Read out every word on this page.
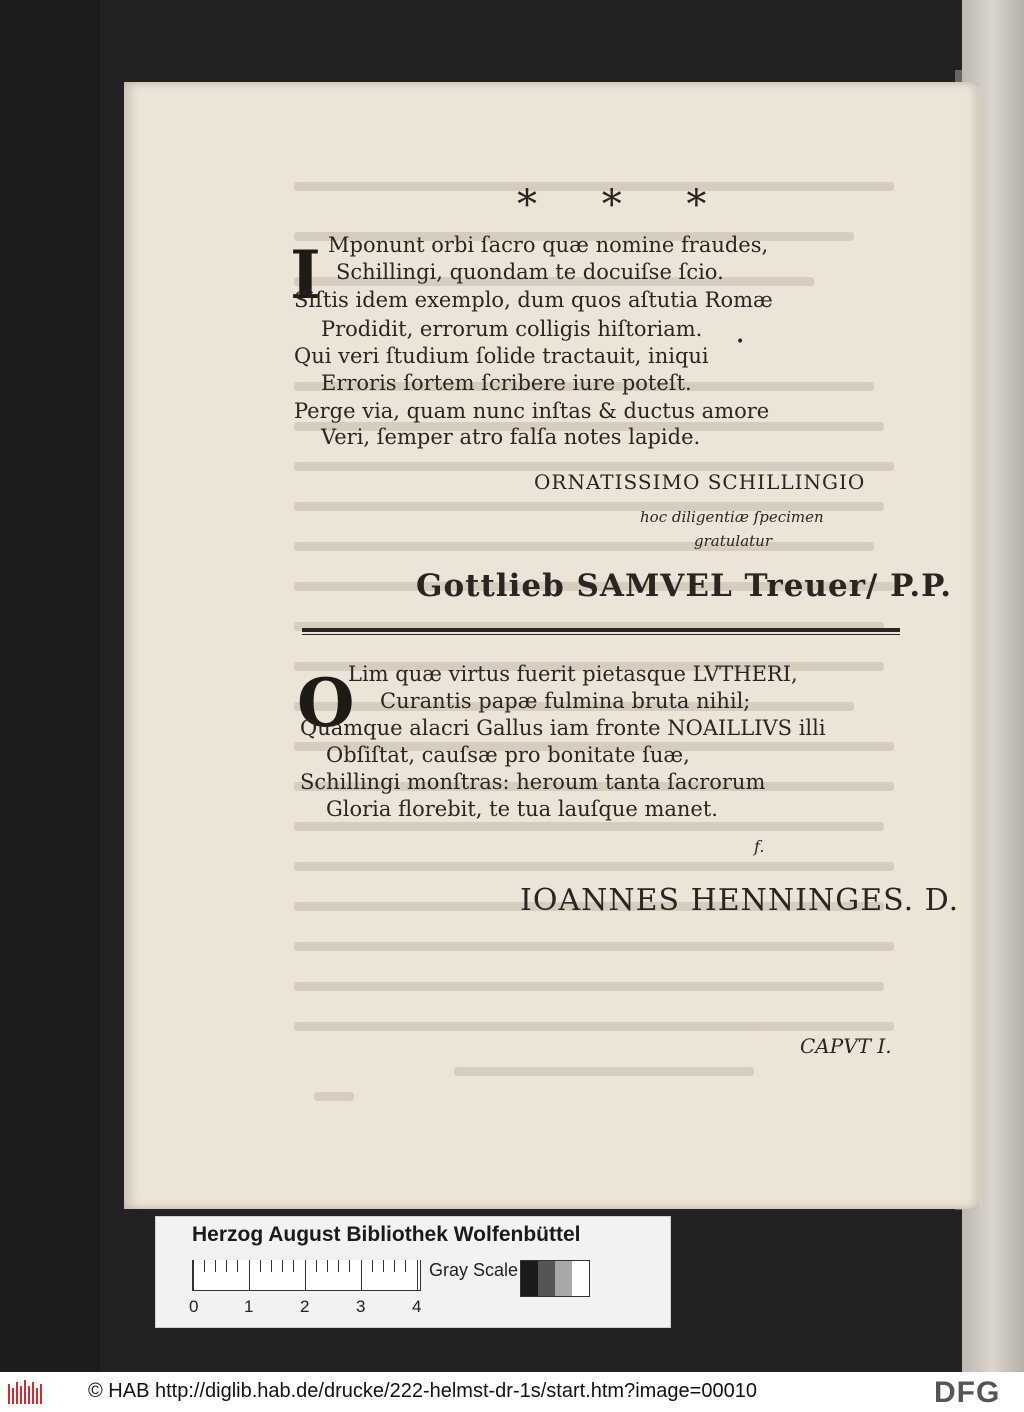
* * *
I Mponunt orbi ſacro quæ nomine fraudes,
Schillingi, quondam te docuiſse ſcio.
Siſtis idem exemplo, dum quos aſtutia Romæ
Prodidit, errorum colligis hiſtoriam.
Qui veri ſtudium ſolide tractauit, iniqui
Erroris ſortem ſcribere iure poteſt.
Perge via, quam nunc inſtas & ductus amore
Veri, ſemper atro falſa notes lapide.
•
ORNATISSIMO SCHILLINGIO
hoc diligentiæ ſpecimen
gratulatur
Gottlieb SAMVEL Treuer/ P.P.
O
Lim quæ virtus fuerit pietasque LVTHERI,
Curantis papæ fulmina bruta nihil;
Quamque alacri Gallus iam fronte NOAILLIVS illi
Obſiſtat, cauſsæ pro bonitate ſuæ,
Schillingi monſtras: heroum tanta ſacrorum
Gloria florebit, te tua lauſque manet.
f.
IOANNES HENNINGES. D.
CAPVT I.
Herzog August Bibliothek Wolfenbüttel
0	1	2	3	4
Gray Scale
© HAB http://diglib.hab.de/drucke/222-helmst-dr-1s/start.htm?image=00010	DFG
